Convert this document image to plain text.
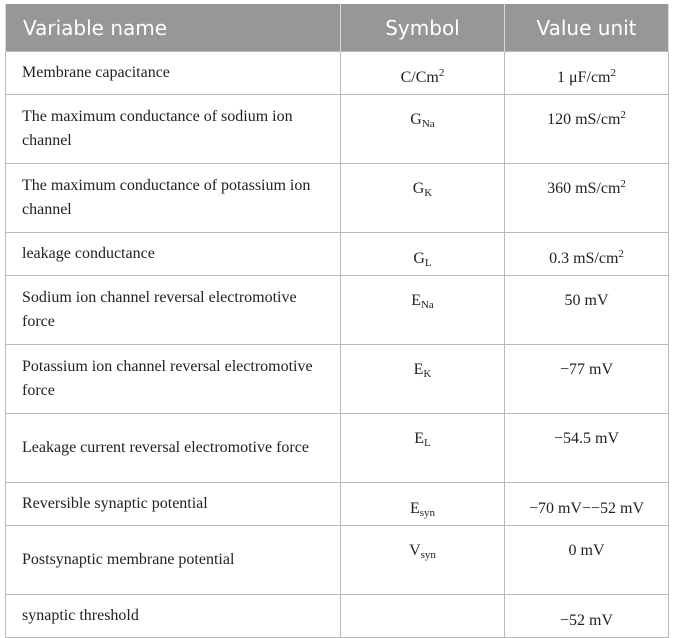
Variable name	Symbol	Value unit
Membrane capacitance	C/Cm$^2$	1 $\mu F/cm^2$
The maximum conductance of sodium ion channel	$G_{Na}$	120 $mS/cm^2$
The maximum conductance of potassium ion channel	$G_K$	360 $mS/cm^2$
leakage conductance	$G_L$	0.3 $mS/cm^2$
Sodium ion channel reversal electromotive force	$E_{Na}$	50 mV
Potassium ion channel reversal electromotive force	$E_K$	−77 mV
Leakage current reversal electromotive force	$E_L$	−54.5 mV
Reversible synaptic potential	$E_{syn}$	−70 mV−−52 mV
Postsynaptic membrane potential	$V_{syn}$	0 mV
synaptic threshold		−52 mV
